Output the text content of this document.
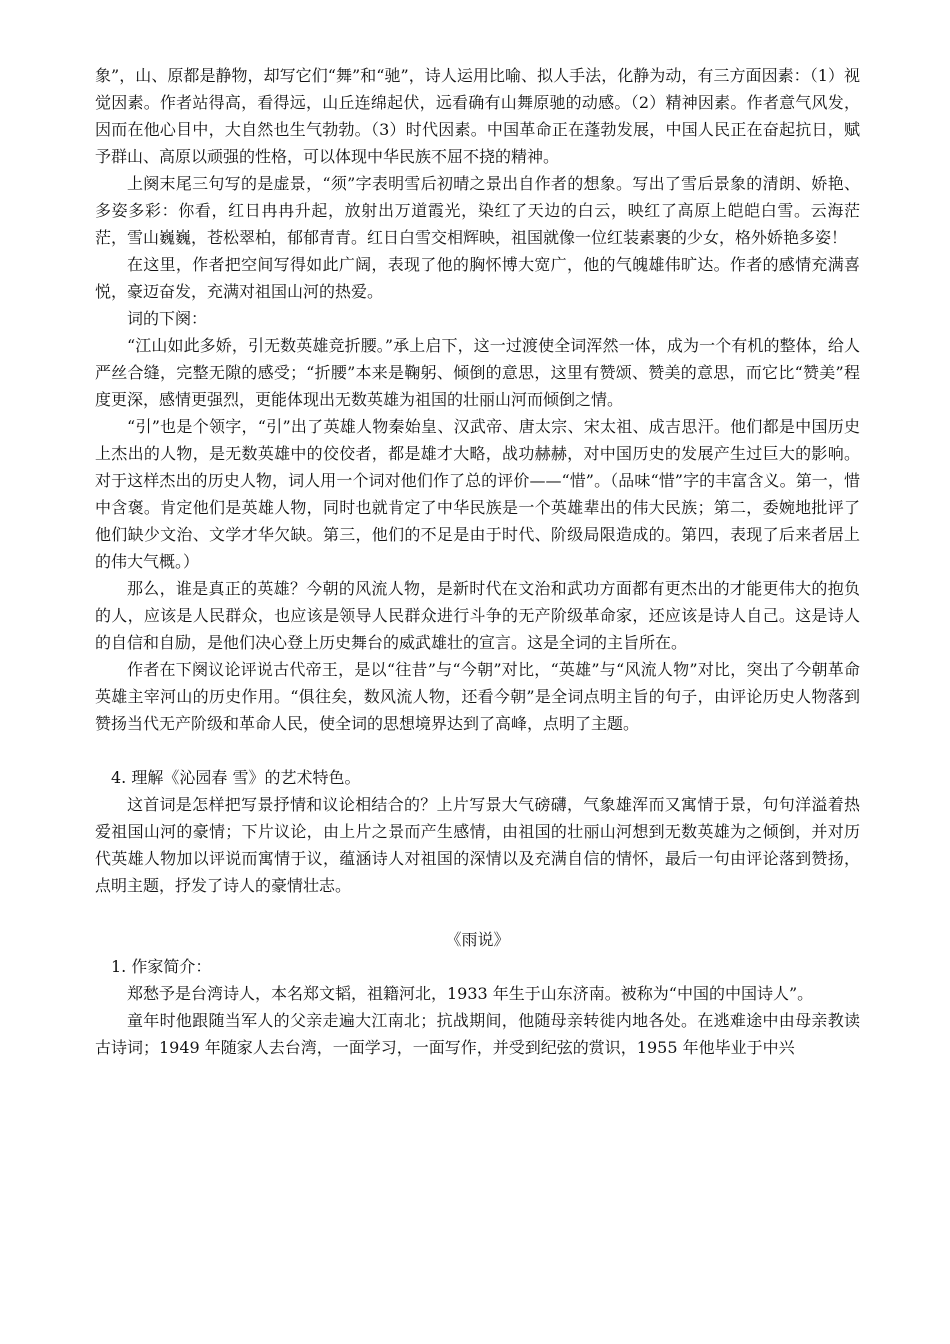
象”，山、原都是静物，却写它们“舞”和“驰”，诗人运用比喻、拟人手法，化静为动，有三方面因素：（1）视觉因素。作者站得高，看得远，山丘连绵起伏，远看确有山舞原驰的动感。（2）精神因素。作者意气风发，因而在他心目中，大自然也生气勃勃。（3）时代因素。中国革命正在蓬勃发展，中国人民正在奋起抗日，赋予群山、高原以顽强的性格，可以体现中华民族不屈不挠的精神。

上阕末尾三句写的是虚景，“须”字表明雪后初晴之景出自作者的想象。写出了雪后景象的清朗、娇艳、多姿多彩：你看，红日冉冉升起，放射出万道霞光，染红了天边的白云，映红了高原上皑皑白雪。云海茫茫，雪山巍巍，苍松翠柏，郁郁青青。红日白雪交相辉映，祖国就像一位红装素裹的少女，格外娇艳多姿！

在这里，作者把空间写得如此广阔，表现了他的胸怀博大宽广，他的气魄雄伟旷达。作者的感情充满喜悦，豪迈奋发，充满对祖国山河的热爱。

词的下阕：

“江山如此多娇，引无数英雄竞折腰。”承上启下，这一过渡使全词浑然一体，成为一个有机的整体，给人严丝合缝，完整无隙的感受；“折腰”本来是鞠躬、倾倒的意思，这里有赞颂、赞美的意思，而它比“赞美”程度更深，感情更强烈，更能体现出无数英雄为祖国的壮丽山河而倾倒之情。

“引”也是个领字，“引”出了英雄人物秦始皇、汉武帝、唐太宗、宋太祖、成吉思汗。他们都是中国历史上杰出的人物，是无数英雄中的佼佼者，都是雄才大略，战功赫赫，对中国历史的发展产生过巨大的影响。对于这样杰出的历史人物，词人用一个词对他们作了总的评价——“惜”。（品味“惜”字的丰富含义。第一，惜中含褒。肯定他们是英雄人物，同时也就肯定了中华民族是一个英雄辈出的伟大民族；第二，委婉地批评了他们缺少文治、文学才华欠缺。第三，他们的不足是由于时代、阶级局限造成的。第四，表现了后来者居上的伟大气概。）

那么，谁是真正的英雄？今朝的风流人物，是新时代在文治和武功方面都有更杰出的才能更伟大的抱负的人，应该是人民群众，也应该是领导人民群众进行斗争的无产阶级革命家，还应该是诗人自己。这是诗人的自信和自励，是他们决心登上历史舞台的威武雄壮的宣言。这是全词的主旨所在。

作者在下阕议论评说古代帝王，是以“往昔”与“今朝”对比，“英雄”与“风流人物”对比，突出了今朝革命英雄主宰河山的历史作用。“俱往矣，数风流人物，还看今朝”是全词点明主旨的句子，由评论历史人物落到赞扬当代无产阶级和革命人民，使全词的思想境界达到了高峰，点明了主题。

4. 理解《沁园春 雪》的艺术特色。

这首词是怎样把写景抒情和议论相结合的？上片写景大气磅礴，气象雄浑而又寓情于景，句句洋溢着热爱祖国山河的豪情；下片议论，由上片之景而产生感情，由祖国的壮丽山河想到无数英雄为之倾倒，并对历代英雄人物加以评说而寓情于议，蕴涵诗人对祖国的深情以及充满自信的情怀，最后一句由评论落到赞扬，点明主题，抒发了诗人的豪情壮志。

《雨说》

1. 作家简介：

郑愁予是台湾诗人，本名郑文韬，祖籍河北，1933 年生于山东济南。被称为“中国的中国诗人”。

童年时他跟随当军人的父亲走遍大江南北；抗战期间，他随母亲转徙内地各处。在逃难途中由母亲教读古诗词；1949 年随家人去台湾，一面学习，一面写作，并受到纪弦的赏识，1955 年他毕业于中兴
